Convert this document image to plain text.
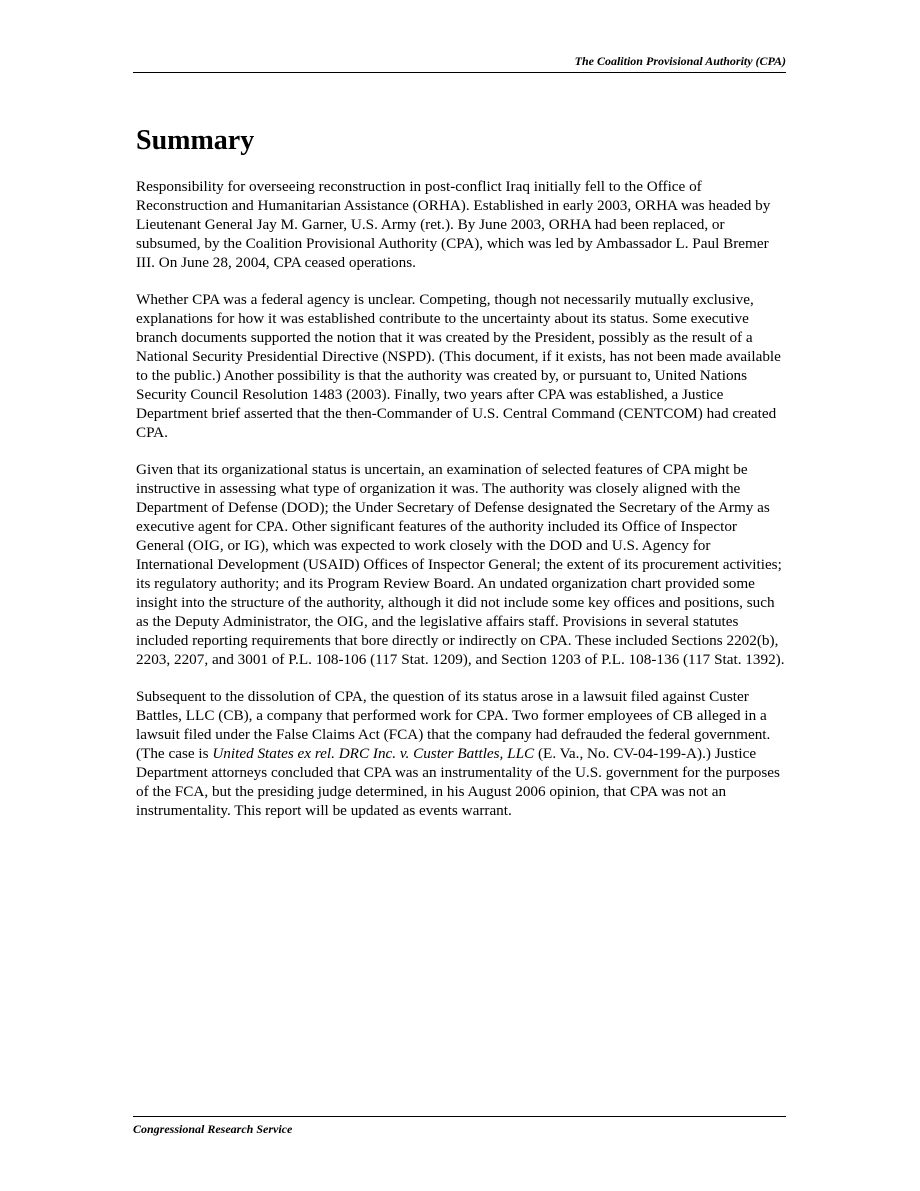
The Coalition Provisional Authority (CPA)
Summary

Responsibility for overseeing reconstruction in post-conflict Iraq initially fell to the Office of Reconstruction and Humanitarian Assistance (ORHA). Established in early 2003, ORHA was headed by Lieutenant General Jay M. Garner, U.S. Army (ret.). By June 2003, ORHA had been replaced, or subsumed, by the Coalition Provisional Authority (CPA), which was led by Ambassador L. Paul Bremer III. On June 28, 2004, CPA ceased operations.

Whether CPA was a federal agency is unclear. Competing, though not necessarily mutually exclusive, explanations for how it was established contribute to the uncertainty about its status. Some executive branch documents supported the notion that it was created by the President, possibly as the result of a National Security Presidential Directive (NSPD). (This document, if it exists, has not been made available to the public.) Another possibility is that the authority was created by, or pursuant to, United Nations Security Council Resolution 1483 (2003). Finally, two years after CPA was established, a Justice Department brief asserted that the then-Commander of U.S. Central Command (CENTCOM) had created CPA.

Given that its organizational status is uncertain, an examination of selected features of CPA might be instructive in assessing what type of organization it was. The authority was closely aligned with the Department of Defense (DOD); the Under Secretary of Defense designated the Secretary of the Army as executive agent for CPA. Other significant features of the authority included its Office of Inspector General (OIG, or IG), which was expected to work closely with the DOD and U.S. Agency for International Development (USAID) Offices of Inspector General; the extent of its procurement activities; its regulatory authority; and its Program Review Board. An undated organization chart provided some insight into the structure of the authority, although it did not include some key offices and positions, such as the Deputy Administrator, the OIG, and the legislative affairs staff. Provisions in several statutes included reporting requirements that bore directly or indirectly on CPA. These included Sections 2202(b), 2203, 2207, and 3001 of P.L. 108-106 (117 Stat. 1209), and Section 1203 of P.L. 108-136 (117 Stat. 1392).

Subsequent to the dissolution of CPA, the question of its status arose in a lawsuit filed against Custer Battles, LLC (CB), a company that performed work for CPA. Two former employees of CB alleged in a lawsuit filed under the False Claims Act (FCA) that the company had defrauded the federal government. (The case is United States ex rel. DRC Inc. v. Custer Battles, LLC (E. Va., No. CV-04-199-A).) Justice Department attorneys concluded that CPA was an instrumentality of the U.S. government for the purposes of the FCA, but the presiding judge determined, in his August 2006 opinion, that CPA was not an instrumentality. This report will be updated as events warrant.

Congressional Research Service
